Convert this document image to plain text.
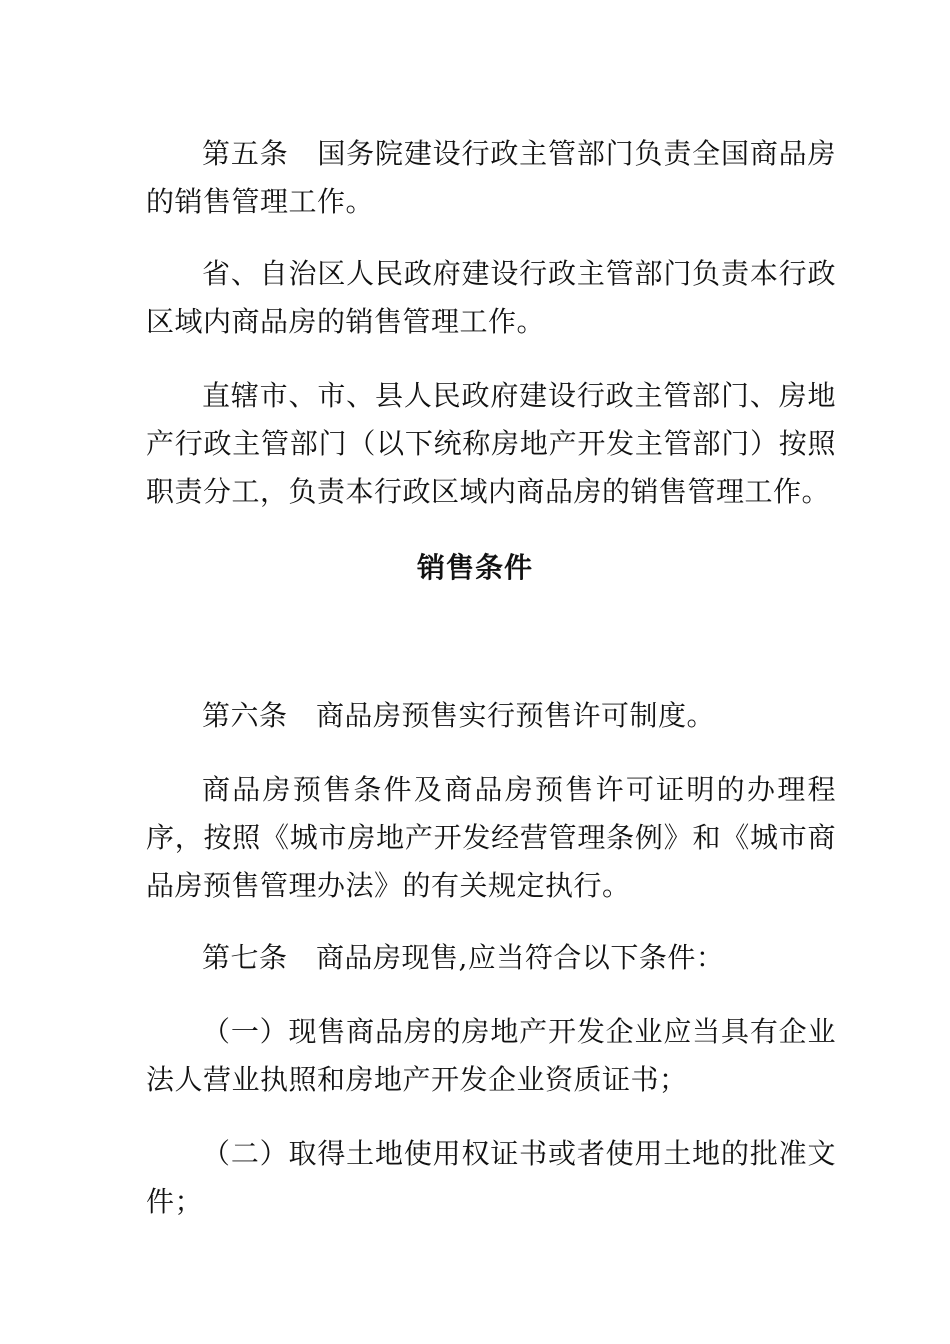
第五条　国务院建设行政主管部门负责全国商品房的销售管理工作。

省、自治区人民政府建设行政主管部门负责本行政区域内商品房的销售管理工作。

直辖市、市、县人民政府建设行政主管部门、房地产行政主管部门（以下统称房地产开发主管部门）按照职责分工，负责本行政区域内商品房的销售管理工作。

销售条件

第六条　商品房预售实行预售许可制度。

商品房预售条件及商品房预售许可证明的办理程序，按照《城市房地产开发经营管理条例》和《城市商品房预售管理办法》的有关规定执行。

第七条　商品房现售,应当符合以下条件：

（一）现售商品房的房地产开发企业应当具有企业法人营业执照和房地产开发企业资质证书；

（二）取得土地使用权证书或者使用土地的批准文件；
